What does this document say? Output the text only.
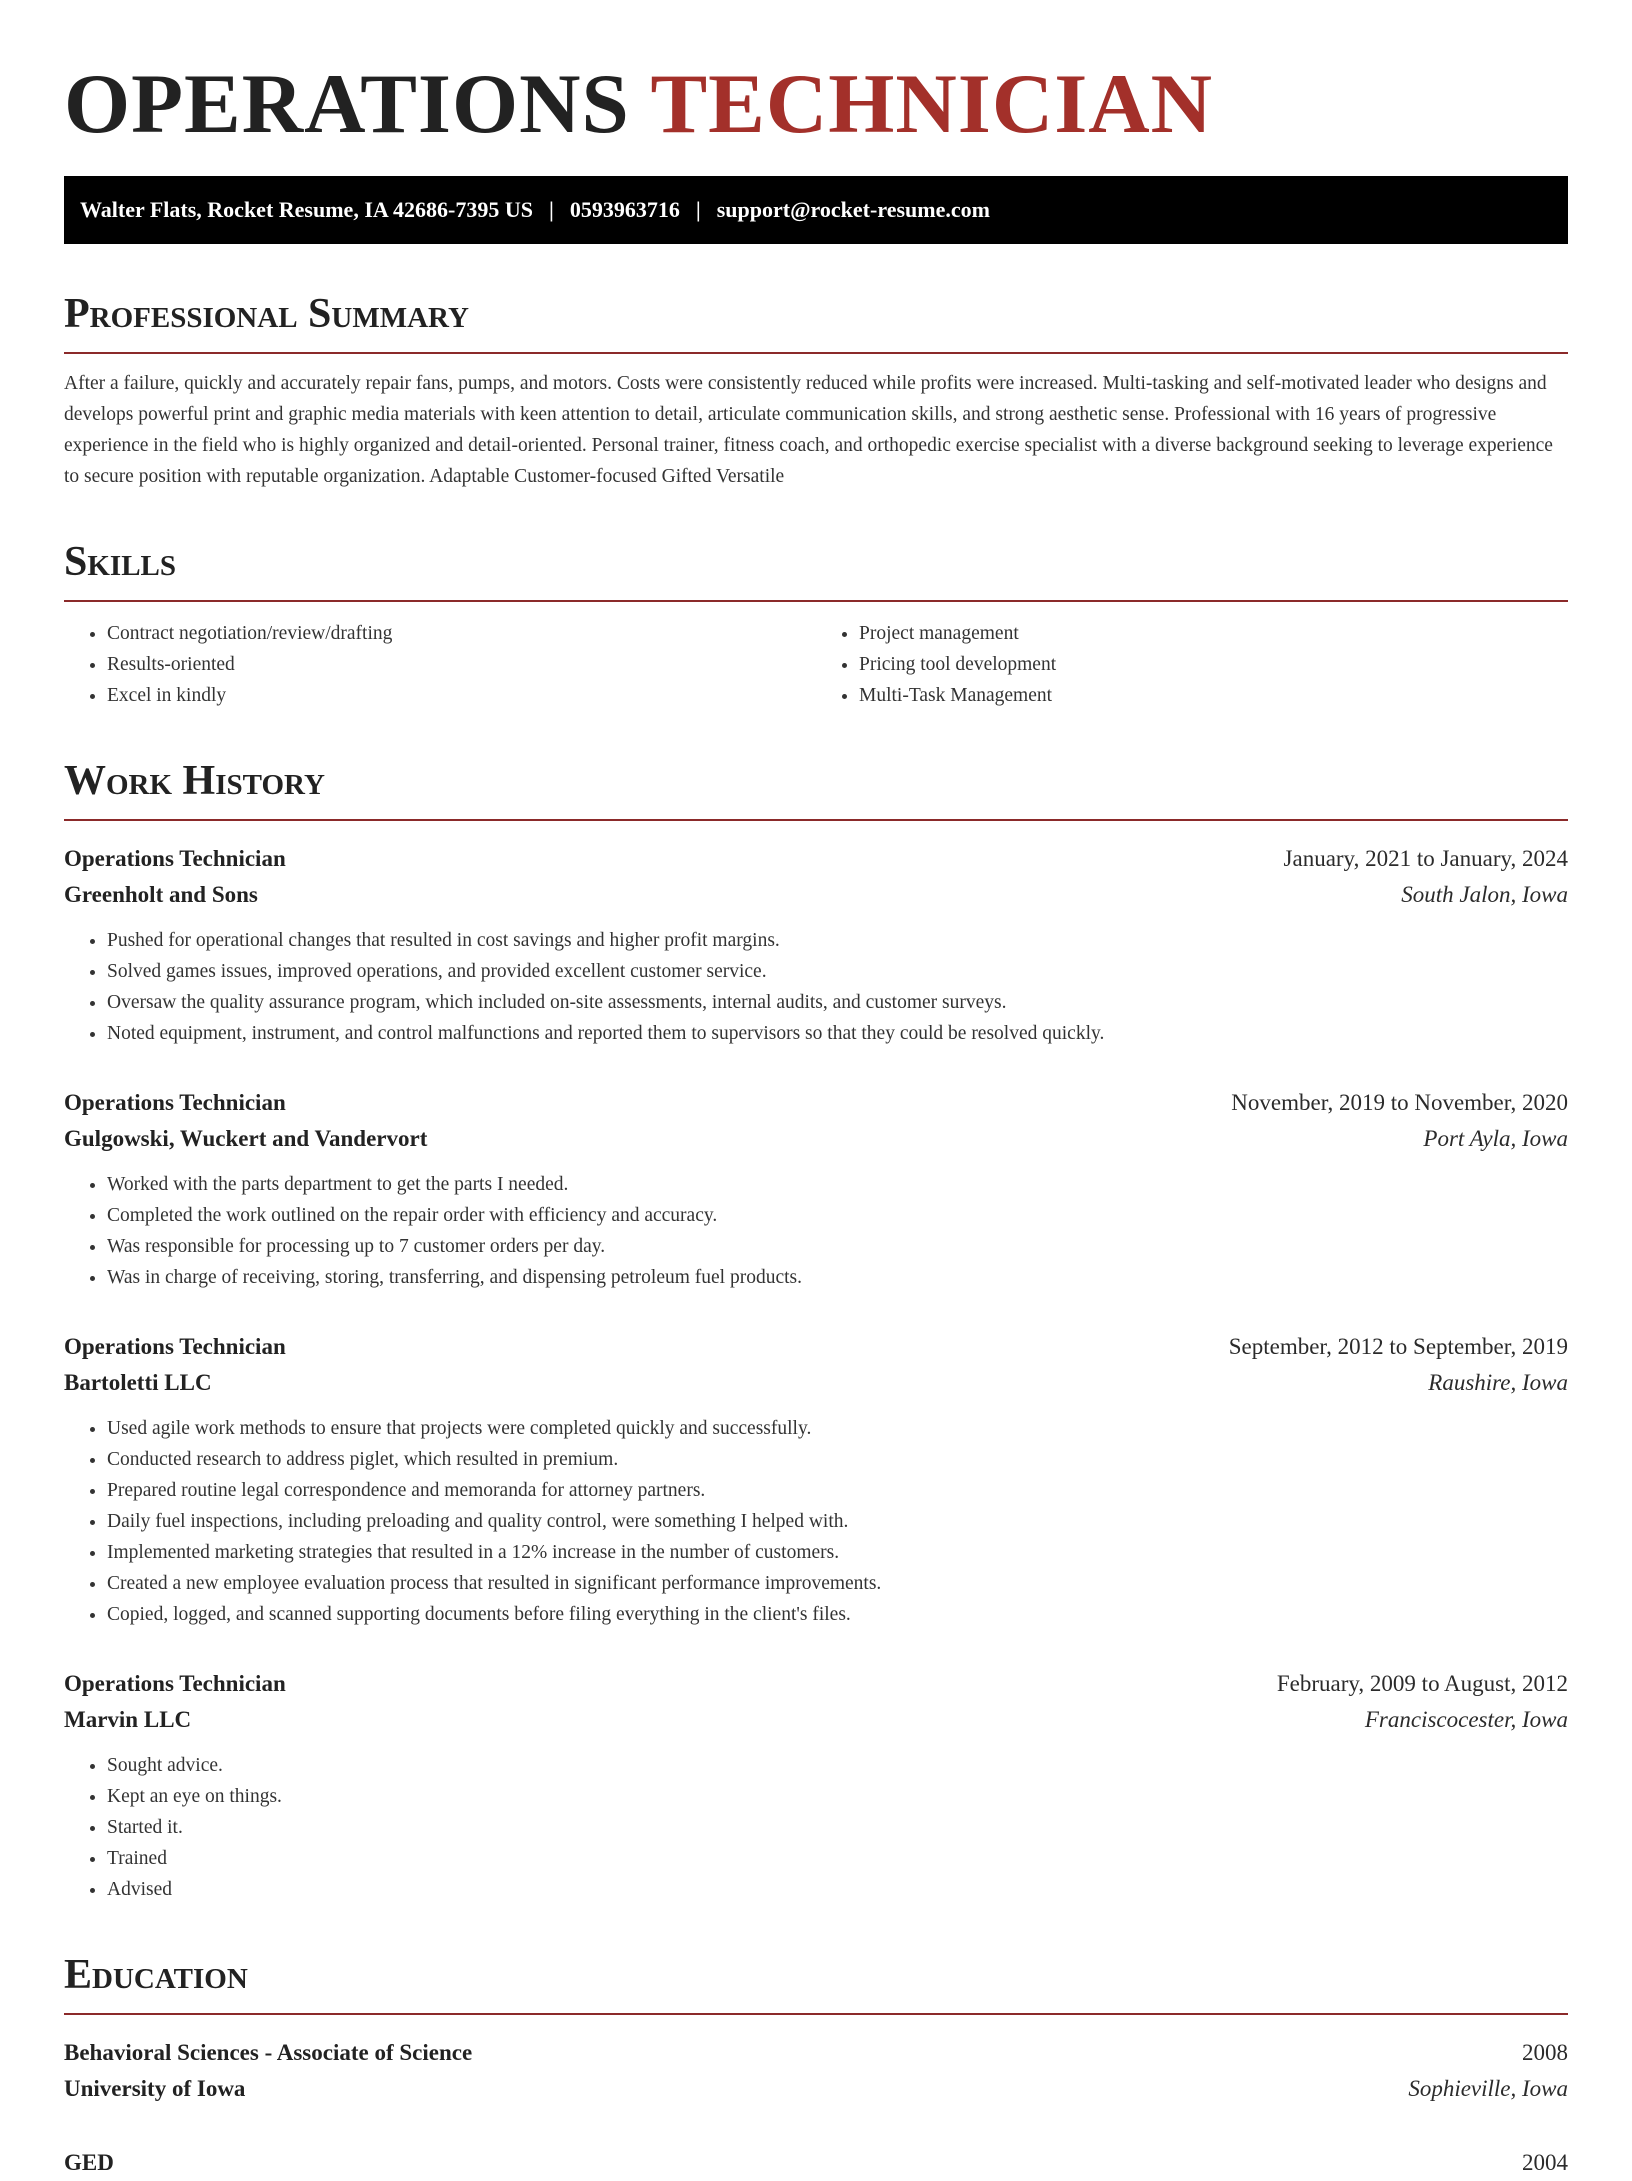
OPERATIONS TECHNICIAN
Walter Flats, Rocket Resume, IA 42686-7395 US | 0593963716 | support@rocket-resume.com
Professional Summary
After a failure, quickly and accurately repair fans, pumps, and motors. Costs were consistently reduced while profits were increased. Multi-tasking and self-motivated leader who designs and develops powerful print and graphic media materials with keen attention to detail, articulate communication skills, and strong aesthetic sense. Professional with 16 years of progressive experience in the field who is highly organized and detail-oriented. Personal trainer, fitness coach, and orthopedic exercise specialist with a diverse background seeking to leverage experience to secure position with reputable organization. Adaptable Customer-focused Gifted Versatile
Skills
• Contract negotiation/review/drafting
• Results-oriented
• Excel in kindly
• Project management
• Pricing tool development
• Multi-Task Management
Work History
Operations Technician	January, 2021 to January, 2024
Greenholt and Sons	South Jalon, Iowa
• Pushed for operational changes that resulted in cost savings and higher profit margins.
• Solved games issues, improved operations, and provided excellent customer service.
• Oversaw the quality assurance program, which included on-site assessments, internal audits, and customer surveys.
• Noted equipment, instrument, and control malfunctions and reported them to supervisors so that they could be resolved quickly.
Operations Technician	November, 2019 to November, 2020
Gulgowski, Wuckert and Vandervort	Port Ayla, Iowa
• Worked with the parts department to get the parts I needed.
• Completed the work outlined on the repair order with efficiency and accuracy.
• Was responsible for processing up to 7 customer orders per day.
• Was in charge of receiving, storing, transferring, and dispensing petroleum fuel products.
Operations Technician	September, 2012 to September, 2019
Bartoletti LLC	Raushire, Iowa
• Used agile work methods to ensure that projects were completed quickly and successfully.
• Conducted research to address piglet, which resulted in premium.
• Prepared routine legal correspondence and memoranda for attorney partners.
• Daily fuel inspections, including preloading and quality control, were something I helped with.
• Implemented marketing strategies that resulted in a 12% increase in the number of customers.
• Created a new employee evaluation process that resulted in significant performance improvements.
• Copied, logged, and scanned supporting documents before filing everything in the client's files.
Operations Technician	February, 2009 to August, 2012
Marvin LLC	Franciscocester, Iowa
• Sought advice.
• Kept an eye on things.
• Started it.
• Trained
• Advised
Education
Behavioral Sciences - Associate of Science	2008
University of Iowa	Sophieville, Iowa
GED	2004
